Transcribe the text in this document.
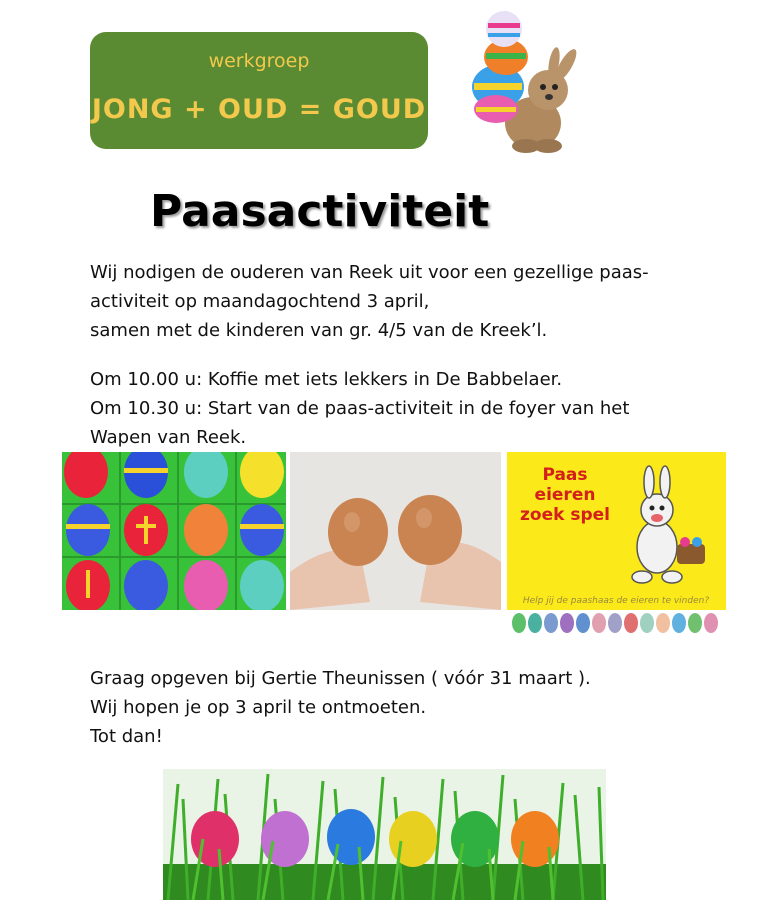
werkgroep
JONG + OUD = GOUD
Paasactiviteit
Wij nodigen de ouderen van Reek uit voor een gezellige paas-
activiteit op maandagochtend 3 april,
samen met de kinderen van gr. 4/5 van de Kreek’l.
Om 10.00 u: Koffie met iets lekkers in De Babbelaer.
Om 10.30 u: Start van de paas-activiteit in de foyer van het
Wapen van Reek.
Paas
eieren
zoek spel
Help jij de paashaas de eieren te vinden?
Graag opgeven bij Gertie Theunissen ( vóór 31 maart ).
Wij hopen je op 3 april te ontmoeten.
Tot dan!
